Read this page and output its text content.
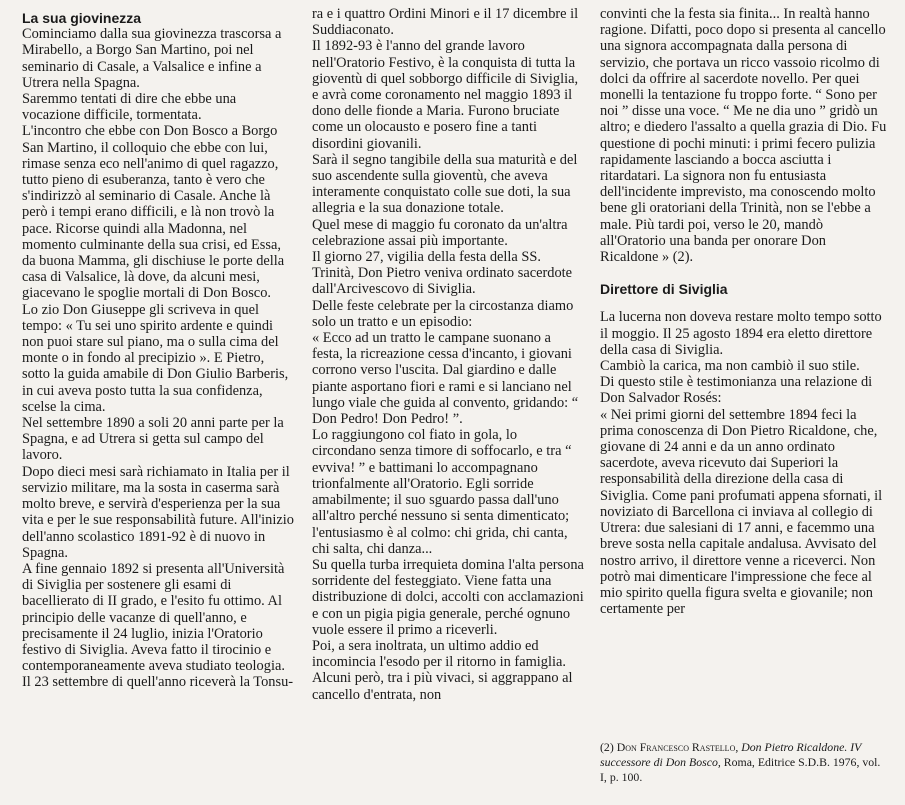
La sua giovinezza

Cominciamo dalla sua giovinezza trascorsa a Mirabello, a Borgo San Martino, poi nel seminario di Casale, a Valsalice e infine a Utrera nella Spagna.

Saremmo tentati di dire che ebbe una vocazione difficile, tormentata.

L'incontro che ebbe con Don Bosco a Borgo San Martino, il colloquio che ebbe con lui, rimase senza eco nell'animo di quel ragazzo, tutto pieno di esuberanza, tanto è vero che s'indirizzò al seminario di Casale. Anche là però i tempi erano difficili, e là non trovò la pace. Ricorse quindi alla Madonna, nel momento culminante della sua crisi, ed Essa, da buona Mamma, gli dischiuse le porte della casa di Valsalice, là dove, da alcuni mesi, giacevano le spoglie mortali di Don Bosco.

Lo zio Don Giuseppe gli scriveva in quel tempo: « Tu sei uno spirito ardente e quindi non puoi stare sul piano, ma o sulla cima del monte o in fondo al precipizio ». E Pietro, sotto la guida amabile di Don Giulio Barberis, in cui aveva posto tutta la sua confidenza, scelse la cima.

Nel settembre 1890 a soli 20 anni parte per la Spagna, e ad Utrera si getta sul campo del lavoro.

Dopo dieci mesi sarà richiamato in Italia per il servizio militare, ma la sosta in caserma sarà molto breve, e servirà d'esperienza per la sua vita e per le sue responsabilità future. All'inizio dell'anno scolastico 1891-92 è di nuovo in Spagna.

A fine gennaio 1892 si presenta all'Università di Siviglia per sostenere gli esami di bacellierato di II grado, e l'esito fu ottimo. Al principio delle vacanze di quell'anno, e precisamente il 24 luglio, inizia l'Oratorio festivo di Siviglia. Aveva fatto il tirocinio e contemporaneamente aveva studiato teologia. Il 23 settembre di quell'anno riceverà la Tonsu-

ra e i quattro Ordini Minori e il 17 dicembre il Suddiaconato.

Il 1892-93 è l'anno del grande lavoro nell'Oratorio Festivo, è la conquista di tutta la gioventù di quel sobborgo difficile di Siviglia, e avrà come coronamento nel maggio 1893 il dono delle fionde a Maria. Furono bruciate come un olocausto e posero fine a tanti disordini giovanili.

Sarà il segno tangibile della sua maturità e del suo ascendente sulla gioventù, che aveva interamente conquistato colle sue doti, la sua allegria e la sua donazione totale.

Quel mese di maggio fu coronato da un'altra celebrazione assai più importante.

Il giorno 27, vigilia della festa della SS. Trinità, Don Pietro veniva ordinato sacerdote dall'Arcivescovo di Siviglia.

Delle feste celebrate per la circostanza diamo solo un tratto e un episodio:

« Ecco ad un tratto le campane suonano a festa, la ricreazione cessa d'incanto, i giovani corrono verso l'uscita. Dal giardino e dalle piante asportano fiori e rami e si lanciano nel lungo viale che guida al convento, gridando: “ Don Pedro! Don Pedro! ”.

Lo raggiungono col fiato in gola, lo circondano senza timore di soffocarlo, e tra “ evviva! ” e battimani lo accompagnano trionfalmente all'Oratorio. Egli sorride amabilmente; il suo sguardo passa dall'uno all'altro perché nessuno si senta dimenticato; l'entusiasmo è al colmo: chi grida, chi canta, chi salta, chi danza...

Su quella turba irrequieta domina l'alta persona sorridente del festeggiato. Viene fatta una distribuzione di dolci, accolti con acclamazioni e con un pigia pigia generale, perché ognuno vuole essere il primo a riceverli.

Poi, a sera inoltrata, un ultimo addio ed incomincia l'esodo per il ritorno in famiglia. Alcuni però, tra i più vivaci, si aggrappano al cancello d'entrata, non

convinti che la festa sia finita... In realtà hanno ragione. Difatti, poco dopo si presenta al cancello una signora accompagnata dalla persona di servizio, che portava un ricco vassoio ricolmo di dolci da offrire al sacerdote novello. Per quei monelli la tentazione fu troppo forte. “ Sono per noi ” disse una voce. “ Me ne dia uno ” gridò un altro; e diedero l'assalto a quella grazia di Dio. Fu questione di pochi minuti: i primi fecero pulizia rapidamente lasciando a bocca asciutta i ritardatari. La signora non fu entusiasta dell'incidente imprevisto, ma conoscendo molto bene gli oratoriani della Trinità, non se l'ebbe a male. Più tardi poi, verso le 20, mandò all'Oratorio una banda per onorare Don Ricaldone » (2).

Direttore di Siviglia

La lucerna non doveva restare molto tempo sotto il moggio. Il 25 agosto 1894 era eletto direttore della casa di Siviglia.

Cambiò la carica, ma non cambiò il suo stile.

Di questo stile è testimonianza una relazione di Don Salvador Rosés:

« Nei primi giorni del settembre 1894 feci la prima conoscenza di Don Pietro Ricaldone, che, giovane di 24 anni e da un anno ordinato sacerdote, aveva ricevuto dai Superiori la responsabilità della direzione della casa di Siviglia. Come pani profumati appena sfornati, il noviziato di Barcellona ci inviava al collegio di Utrera: due salesiani di 17 anni, e facemmo una breve sosta nella capitale andalusa. Avvisato del nostro arrivo, il direttore venne a riceverci. Non potrò mai dimenticare l'impressione che fece al mio spirito quella figura svelta e giovanile; non certamente per

(2) Don Francesco Rastello, Don Pietro Ricaldone. IV successore di Don Bosco, Roma, Editrice S.D.B. 1976, vol. I, p. 100.
